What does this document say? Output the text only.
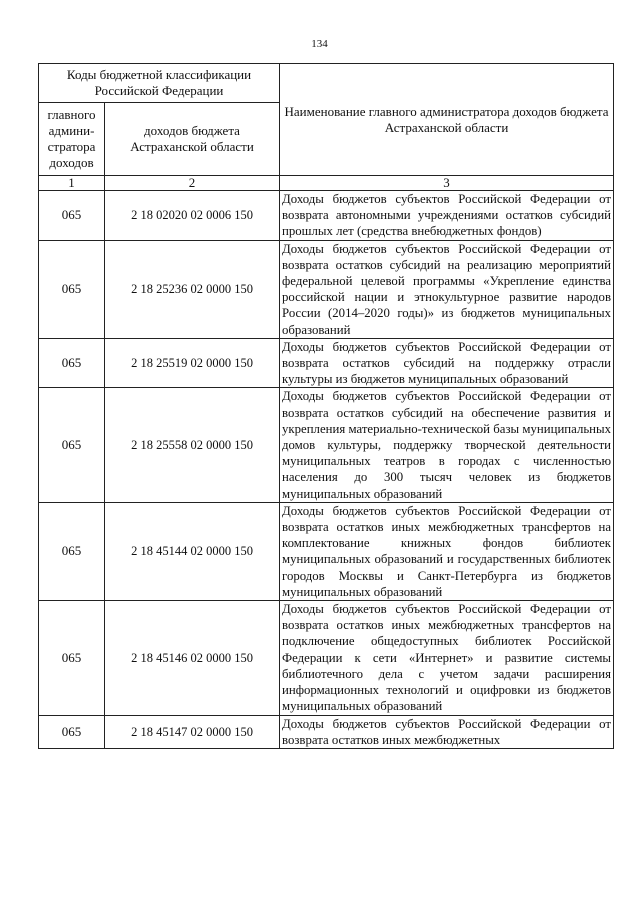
134
Коды бюджетной классификации Российской Федерации		Наименование главного администратора доходов бюджета Астраханской области
главного админи-стратора доходов	доходов бюджета Астраханской области	
1	2	3
065	2 18 02020 02 0006 150	Доходы бюджетов субъектов Российской Федерации от возврата автономными учреждениями остатков субсидий прошлых лет (средства внебюджетных фондов)
065	2 18 25236 02 0000 150	Доходы бюджетов субъектов Российской Федерации от возврата остатков субсидий на реализацию мероприятий федеральной целевой программы «Укрепление единства российской нации и этнокультурное развитие народов России (2014–2020 годы)» из бюджетов муниципальных образований
065	2 18 25519 02 0000 150	Доходы бюджетов субъектов Российской Федерации от возврата остатков субсидий на поддержку отрасли культуры из бюджетов муниципальных образований
065	2 18 25558 02 0000 150	Доходы бюджетов субъектов Российской Федерации от возврата остатков субсидий на обеспечение развития и укрепления материально-технической базы муниципальных домов культуры, поддержку творческой деятельности муниципальных театров в городах с численностью населения до 300 тысяч человек из бюджетов муниципальных образований
065	2 18 45144 02 0000 150	Доходы бюджетов субъектов Российской Федерации от возврата остатков иных межбюджетных трансфертов на комплектование книжных фондов библиотек муниципальных образований и государственных библиотек городов Москвы и Санкт-Петербурга из бюджетов муниципальных образований
065	2 18 45146 02 0000 150	Доходы бюджетов субъектов Российской Федерации от возврата остатков иных межбюджетных трансфертов на подключение общедоступных библиотек Российской Федерации к сети «Интернет» и развитие системы библиотечного дела с учетом задачи расширения информационных технологий и оцифровки из бюджетов муниципальных образований
065	2 18 45147 02 0000 150	Доходы бюджетов субъектов Российской Федерации от возврата остатков иных межбюджетных
